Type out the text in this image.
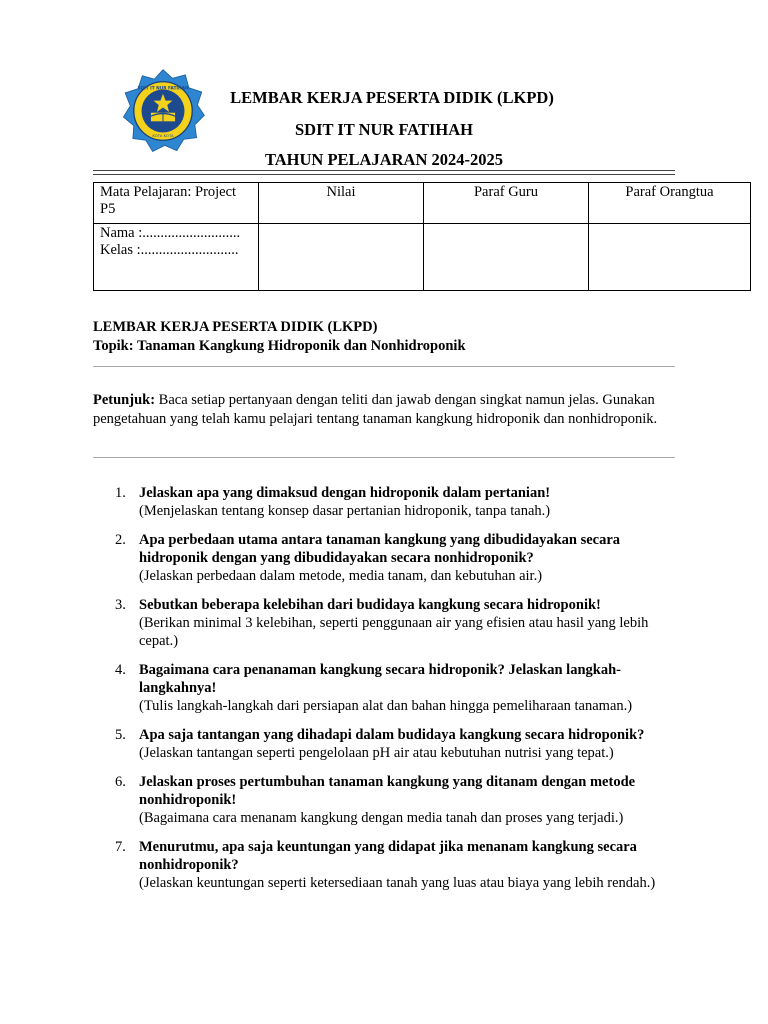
SDIT IT NUR FATIHAH
KOTA KOTA
LEMBAR KERJA PESERTA DIDIK (LKPD)
SDIT IT NUR FATIHAH
TAHUN PELAJARAN 2024-2025
Mata Pelajaran: Project P5	Nilai	Paraf Guru	Paraf Orangtua

Nama :...........................
Kelas :...........................			

LEMBAR KERJA PESERTA DIDIK (LKPD)
Topik: Tanaman Kangkung Hidroponik dan Nonhidroponik
Petunjuk: Baca setiap pertanyaan dengan teliti dan jawab dengan singkat namun jelas. Gunakan pengetahuan yang telah kamu pelajari tentang tanaman kangkung hidroponik dan nonhidroponik.
1. Jelaskan apa yang dimaksud dengan hidroponik dalam pertanian!
(Menjelaskan tentang konsep dasar pertanian hidroponik, tanpa tanah.)
2. Apa perbedaan utama antara tanaman kangkung yang dibudidayakan secara hidroponik dengan yang dibudidayakan secara nonhidroponik?
(Jelaskan perbedaan dalam metode, media tanam, dan kebutuhan air.)
3. Sebutkan beberapa kelebihan dari budidaya kangkung secara hidroponik!
(Berikan minimal 3 kelebihan, seperti penggunaan air yang efisien atau hasil yang lebih cepat.)
4. Bagaimana cara penanaman kangkung secara hidroponik? Jelaskan langkah-langkahnya!
(Tulis langkah-langkah dari persiapan alat dan bahan hingga pemeliharaan tanaman.)
5. Apa saja tantangan yang dihadapi dalam budidaya kangkung secara hidroponik?
(Jelaskan tantangan seperti pengelolaan pH air atau kebutuhan nutrisi yang tepat.)
6. Jelaskan proses pertumbuhan tanaman kangkung yang ditanam dengan metode nonhidroponik!
(Bagaimana cara menanam kangkung dengan media tanah dan proses yang terjadi.)
7. Menurutmu, apa saja keuntungan yang didapat jika menanam kangkung secara nonhidroponik?
(Jelaskan keuntungan seperti ketersediaan tanah yang luas atau biaya yang lebih rendah.)
